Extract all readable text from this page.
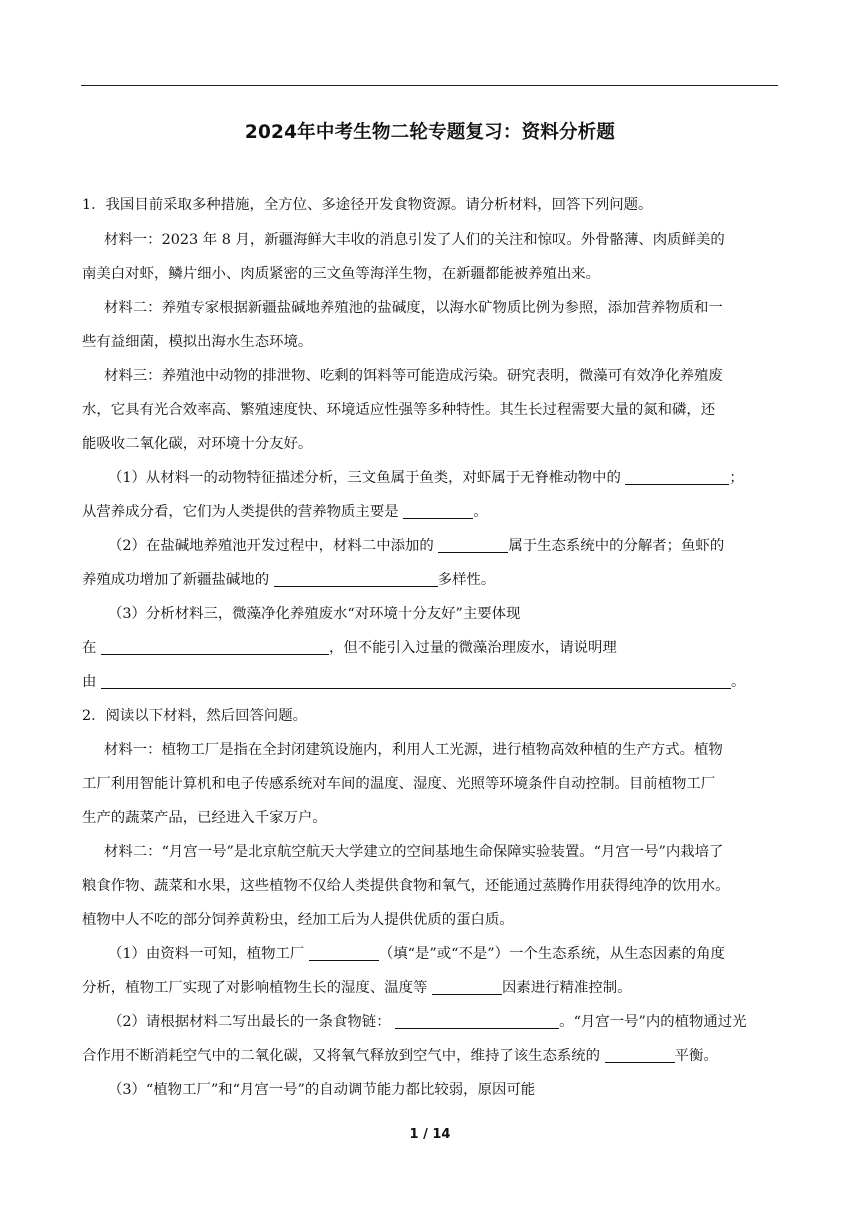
2024年中考生物二轮专题复习：资料分析题
1．我国目前采取多种措施，全方位、多途径开发食物资源。请分析材料，回答下列问题。
材料一：2023 年 8 月，新疆海鲜大丰收的消息引发了人们的关注和惊叹。外骨骼薄、肉质鲜美的
南美白对虾，鳞片细小、肉质紧密的三文鱼等海洋生物，在新疆都能被养殖出来。
材料二：养殖专家根据新疆盐碱地养殖池的盐碱度，以海水矿物质比例为参照，添加营养物质和一
些有益细菌，模拟出海水生态环境。
材料三：养殖池中动物的排泄物、吃剩的饵料等可能造成污染。研究表明，微藻可有效净化养殖废
水，它具有光合效率高、繁殖速度快、环境适应性强等多种特性。其生长过程需要大量的氮和磷，还
能吸收二氧化碳，对环境十分友好。
（1）从材料一的动物特征描述分析，三文鱼属于鱼类，对虾属于无脊椎动物中的	；
从营养成分看，它们为人类提供的营养物质主要是	。
（2）在盐碱地养殖池开发过程中，材料二中添加的	属于生态系统中的分解者；鱼虾的
养殖成功增加了新疆盐碱地的	多样性。
（3）分析材料三，微藻净化养殖废水“对环境十分友好”主要体现
在	，但不能引入过量的微藻治理废水，请说明理
由	。
2．阅读以下材料，然后回答问题。
材料一：植物工厂是指在全封闭建筑设施内，利用人工光源，进行植物高效种植的生产方式。植物
工厂利用智能计算机和电子传感系统对车间的温度、湿度、光照等环境条件自动控制。目前植物工厂
生产的蔬菜产品，已经进入千家万户。
材料二：“月宫一号”是北京航空航天大学建立的空间基地生命保障实验装置。“月宫一号”内栽培了
粮食作物、蔬菜和水果，这些植物不仅给人类提供食物和氧气，还能通过蒸腾作用获得纯净的饮用水。
植物中人不吃的部分饲养黄粉虫，经加工后为人提供优质的蛋白质。
（1）由资料一可知，植物工厂	（填“是”或“不是”）一个生态系统，从生态因素的角度
分析，植物工厂实现了对影响植物生长的湿度、温度等	因素进行精准控制。
（2）请根据材料二写出最长的一条食物链：	。“月宫一号”内的植物通过光
合作用不断消耗空气中的二氧化碳，又将氧气释放到空气中，维持了该生态系统的	平衡。
（3）“植物工厂”和“月宫一号”的自动调节能力都比较弱，原因可能
1 / 14
